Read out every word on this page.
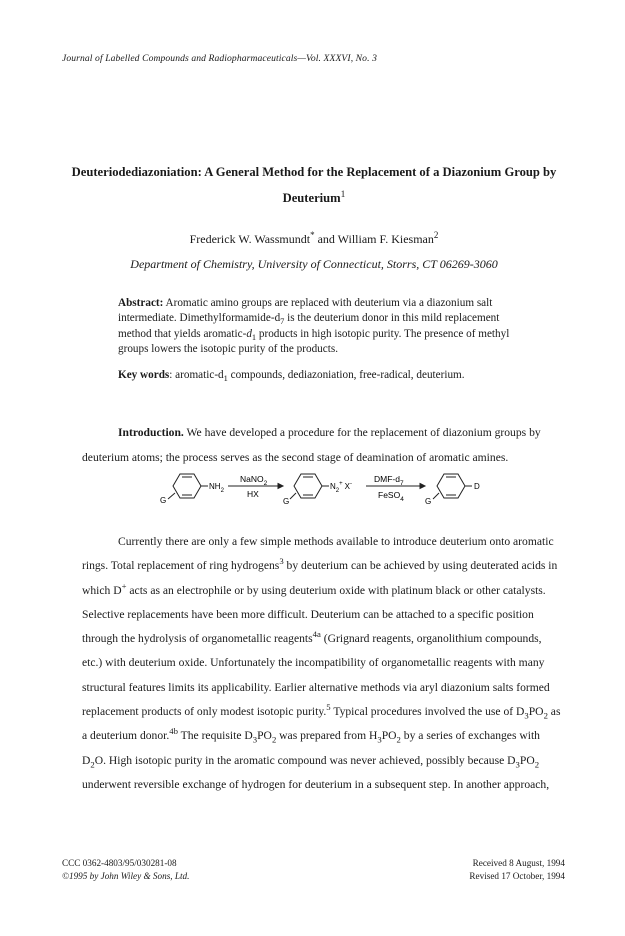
Journal of Labelled Compounds and Radiopharmaceuticals—Vol. XXXVI, No. 3
Deuteriodediazoniation: A General Method for the Replacement of a Diazonium Group by
Deuterium$^1$
Frederick W. Wassmundt* and William F. Kiesman$^2$
Department of Chemistry, University of Connecticut, Storrs, CT 06269-3060
Abstract: Aromatic amino groups are replaced with deuterium via a diazonium salt intermediate. Dimethylformamide-$d_7$ is the deuterium donor in this mild replacement method that yields aromatic-$d_1$ products in high isotopic purity. The presence of methyl groups lowers the isotopic purity of the products.
Key words: aromatic-$d_1$ compounds, dediazoniation, free-radical, deuterium.

Introduction. We have developed a procedure for the replacement of diazonium groups by deuterium atoms; the process serves as the second stage of deamination of aromatic amines.

G
$NH_2$
NaNO$_2$
HX
G
$N_2^+$ X-	DMF-$d_7$
FeSO$_4$	G
D

Currently there are only a few simple methods available to introduce deuterium onto aromatic rings. Total replacement of ring hydrogens$^3$ by deuterium can be achieved by using deuterated acids in which D+ acts as an electrophile or by using deuterium oxide with platinum black or other catalysts. Selective replacements have been more difficult. Deuterium can be attached to a specific position through the hydrolysis of organometallic reagents$^{4a}$ (Grignard reagents, organolithium compounds, etc.) with deuterium oxide. Unfortunately the incompatibility of organometallic reagents with many structural features limits its applicability. Earlier alternative methods via aryl diazonium salts formed replacement products of only modest isotopic purity.$^5$ Typical procedures involved the use of $D_3PO_2$ as a deuterium donor.$^{4b}$ The requisite $D_3PO_2$ was prepared from $H_3PO_2$ by a series of exchanges with $D_2O$. High isotopic purity in the aromatic compound was never achieved, possibly because $D_3PO_2$ underwent reversible exchange of hydrogen for deuterium in a subsequent step. In another approach,

CCC 0362-4803/95/030281-08
©1995 by John Wiley & Sons, Ltd.
Received 8 August, 1994
Revised 17 October, 1994
